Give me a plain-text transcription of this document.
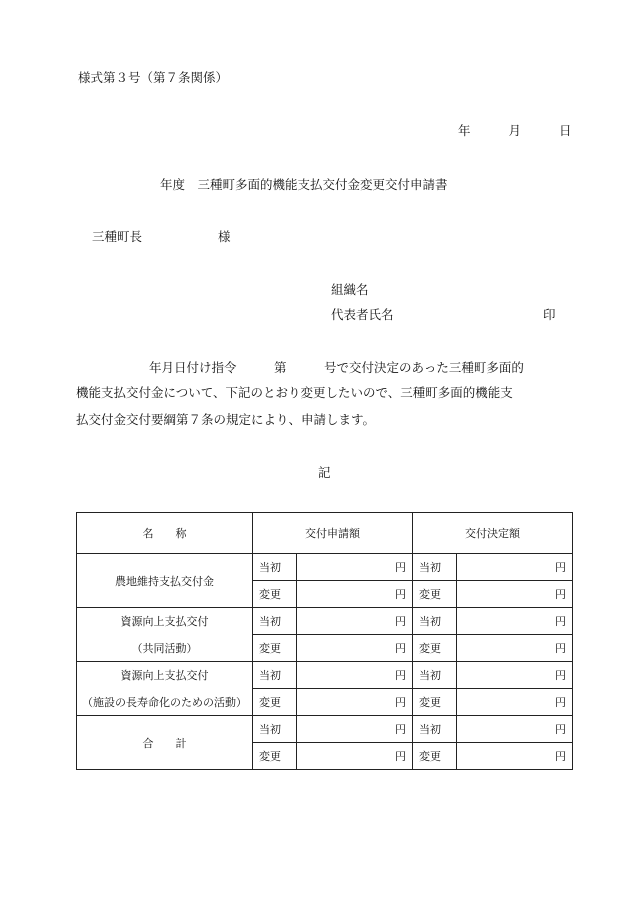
様式第３号（第７条関係）
年	月	日
年度　三種町多面的機能支払交付金変更交付申請書
三種町長	様
組織名
代表者氏名	印
年月日付け指令　　　第　　　号で交付決定のあった三種町多面的
機能支払交付金について、下記のとおり変更したいので、三種町多面的機能支
払交付金交付要綱第７条の規定により、申請します。
記
名　　称	交付申請額		交付決定額	
農地維持支払交付金	当初	円	当初	円
	変更	円	変更	円
資源向上支払交付	当初	円	当初	円
（共同活動）	変更	円	変更	円
資源向上支払交付	当初	円	当初	円
（施設の長寿命化のための活動）	変更	円	変更	円
合　　計	当初	円	当初	円
	変更	円	変更	円
